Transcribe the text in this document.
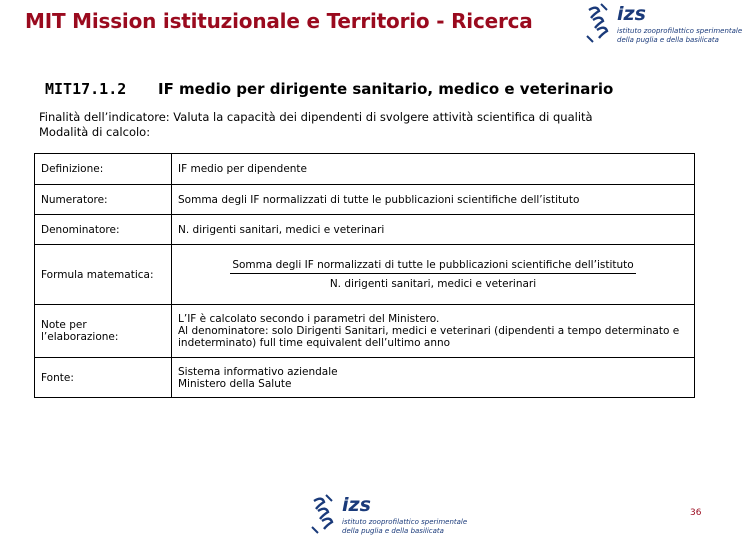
MIT Mission istituzionale e Territorio - Ricerca	izs
istituto zooprofilattico sperimentale
della puglia e della basilicata
MIT17.1.2 IF medio per dirigente sanitario, medico e veterinario
Finalità dell’indicatore: Valuta la capacità dei dipendenti di svolgere attività scientifica di qualità
Modalità di calcolo:
Definizione:	IF medio per dipendente
Numeratore:	Somma degli IF normalizzati di tutte le pubblicazioni scientifiche dell’istituto
Denominatore:	N. dirigenti sanitari, medici e veterinari
Formula matematica:	Somma degli IF normalizzati di tutte le pubblicazioni scientifiche dell’istituto
N. dirigenti sanitari, medici e veterinari

Note per
l’elaborazione:	L’IF è calcolato secondo i parametri del Ministero.
Al denominatore: solo Dirigenti Sanitari, medici e veterinari (dipendenti a tempo determinato e
indeterminato) full time equivalent dell’ultimo anno

Fonte:	Sistema informativo aziendale
Ministero della Salute
izs
istituto zooprofilattico sperimentale
della puglia e della basilicata
36
